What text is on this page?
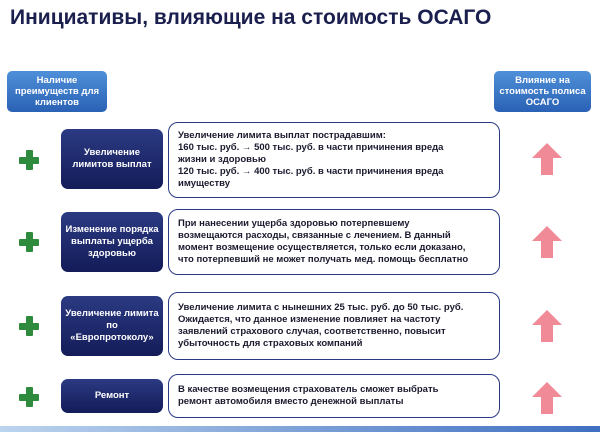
Инициативы, влияющие на стоимость ОСАГО
Наличие преимуществ для клиентов
Влияние на стоимость полиса ОСАГО
Увеличение лимитов выплат
Увеличение лимита выплат пострадавшим:
160 тыс. руб. → 500 тыс. руб. в части причинения вреда
жизни и здоровью
120 тыс. руб. → 400 тыс. руб. в части причинения вреда
имуществу
Изменение порядка выплаты ущерба здоровью
При нанесении ущерба здоровью потерпевшему
возмещаются расходы, связанные с лечением. В данный
момент возмещение осуществляется, только если доказано,
что потерпевший не может получать мед. помощь бесплатно
Увеличение лимита по «Европротоколу»
Увеличение лимита с нынешних 25 тыс. руб. до 50 тыс. руб.
Ожидается, что данное изменение повлияет на частоту
заявлений страхового случая, соответственно, повысит
убыточность для страховых компаний
Ремонт
В качестве возмещения страхователь сможет выбрать
ремонт автомобиля вместо денежной выплаты
